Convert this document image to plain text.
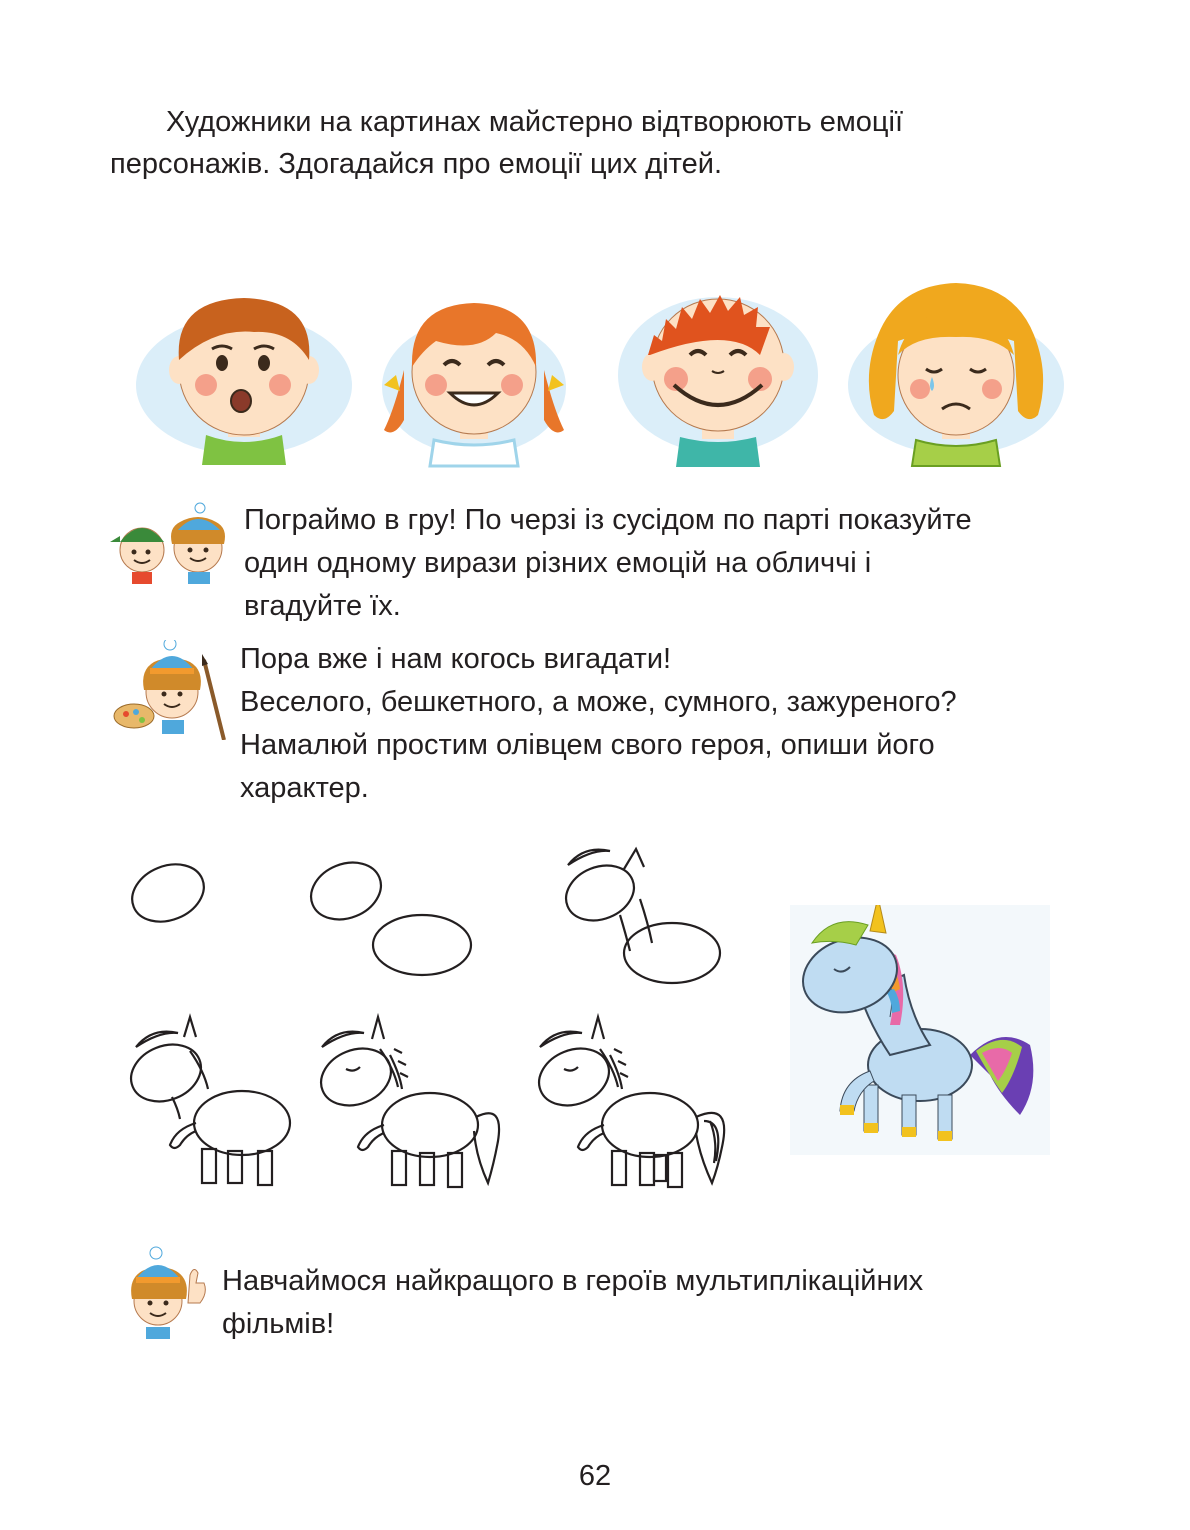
Художники на картинах майстерно відтворюють емоції
персонажів. Здогадайся про емоції цих дітей.
Пограймо в гру! По черзі із сусідом по парті показуйте
один одному вирази різних емоцій на обличчі і
вгадуйте їх.
Пора вже і нам когось вигадати!
Веселого, бешкетного, а може, сумного, зажуреного?
Намалюй простим олівцем свого героя, опиши його
характер.
Навчаймося найкращого в героїв мультиплікаційних
фільмів!
62
